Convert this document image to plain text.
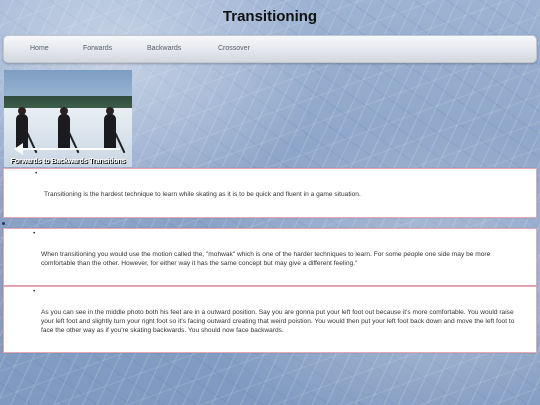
Transitioning
Home	Forwards	Backwards	Crossover
Forwards to Backwards Transitions
• Transitioning is the hardest technique to learn while skating as it is to be quick and fluent in a game situation.
• When transitioning you would use the motion called the, "mohwak" which is one of the harder techniques to learn. For some people one side may be more comfortable than the other. However, for either way it has the same concept but may give a different feeling."
• As you can see in the middle photo both his feet are in a outward position. Say you are gonna put your left foot out because it's more comfortable. You would raise your left foot and slightly turn your right foot so it's facing outward creating that weird poistion. You would then put your left foot back down and move the left foot to face the other way as if you're skating backwards. You should now face backwards.
